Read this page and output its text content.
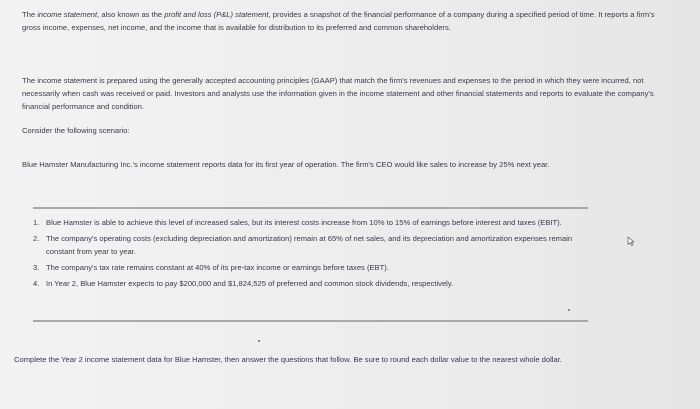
The income statement, also known as the profit and loss (P&L) statement, provides a snapshot of the financial performance of a company during a specified period of time. It reports a firm's gross income, expenses, net income, and the income that is available for distribution to its preferred and common shareholders.

The income statement is prepared using the generally accepted accounting principles (GAAP) that match the firm's revenues and expenses to the period in which they were incurred, not necessarily when cash was received or paid. Investors and analysts use the information given in the income statement and other financial statements and reports to evaluate the company's financial performance and condition.

Consider the following scenario:

Blue Hamster Manufacturing Inc.'s income statement reports data for its first year of operation. The firm's CEO would like sales to increase by 25% next year.

1. Blue Hamster is able to achieve this level of increased sales, but its interest costs increase from 10% to 15% of earnings before interest and taxes (EBIT).

2. The company's operating costs (excluding depreciation and amortization) remain at 65% of net sales, and its depreciation and amortization expenses remain constant from year to year.

3. The company's tax rate remains constant at 40% of its pre-tax income or earnings before taxes (EBT).

4. In Year 2, Blue Hamster expects to pay $200,000 and $1,824,525 of preferred and common stock dividends, respectively.

Complete the Year 2 income statement data for Blue Hamster, then answer the questions that follow. Be sure to round each dollar value to the nearest whole dollar.
